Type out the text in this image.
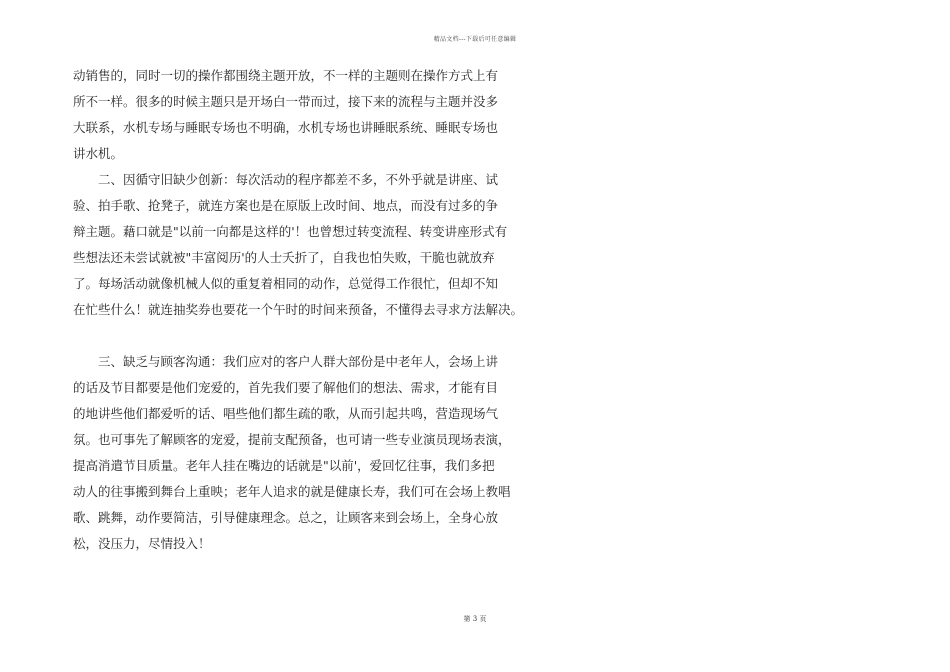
精品文档---下载后可任意编辑
动销售的，同时一切的操作都围绕主题开放，不一样的主题则在操作方式上有
所不一样。很多的时候主题只是开场白一带而过，接下来的流程与主题并没多
大联系，水机专场与睡眠专场也不明确，水机专场也讲睡眠系统、睡眠专场也
讲水机。
二、因循守旧缺少创新：每次活动的程序都差不多，不外乎就是讲座、试
验、拍手歌、抢凳子，就连方案也是在原版上改时间、地点，而没有过多的争
辩主题。藉口就是"以前一向都是这样的'！也曾想过转变流程、转变讲座形式有
些想法还未尝试就被"丰富阅历'的人士夭折了，自我也怕失败，干脆也就放弃
了。每场活动就像机械人似的重复着相同的动作，总觉得工作很忙，但却不知
在忙些什么！就连抽奖券也要花一个午时的时间来预备，不懂得去寻求方法解决。
三、缺乏与顾客沟通：我们应对的客户人群大部份是中老年人，会场上讲
的话及节目都要是他们宠爱的，首先我们要了解他们的想法、需求，才能有目
的地讲些他们都爱听的话、唱些他们都生疏的歌，从而引起共鸣，营造现场气
氛。也可事先了解顾客的宠爱，提前支配预备，也可请一些专业演员现场表演，
提高消遣节目质量。老年人挂在嘴边的话就是"以前'，爱回忆往事，我们多把
动人的往事搬到舞台上重映；老年人追求的就是健康长寿，我们可在会场上教唱
歌、跳舞，动作要简洁，引导健康理念。总之，让顾客来到会场上，全身心放
松，没压力，尽情投入！
第 3 页
